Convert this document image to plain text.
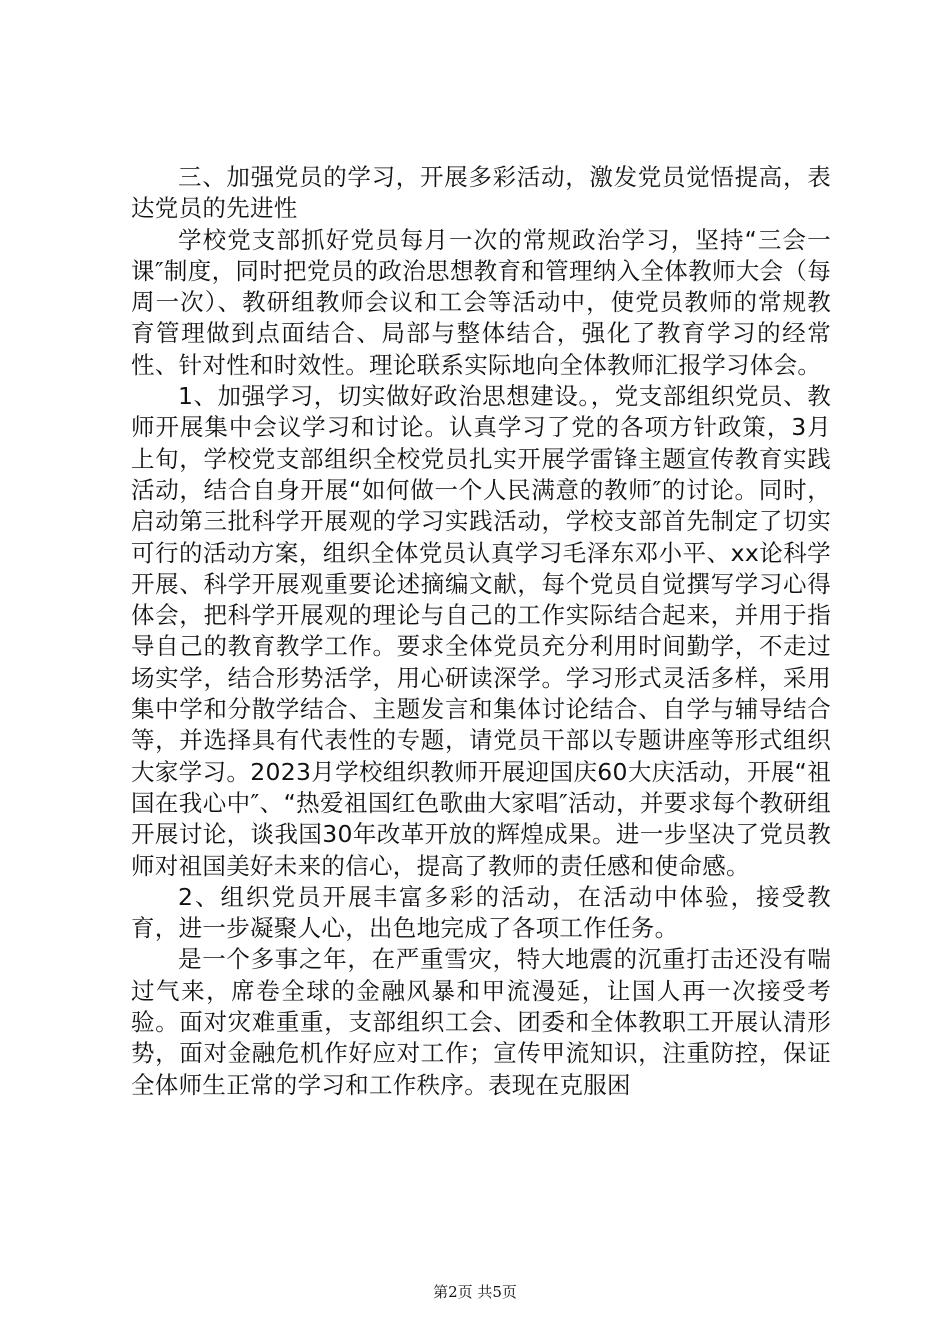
三、加强党员的学习，开展多彩活动，激发党员觉悟提高，表达党员的先进性

学校党支部抓好党员每月一次的常规政治学习，坚持“三会一课″制度，同时把党员的政治思想教育和管理纳入全体教师大会（每周一次）、教研组教师会议和工会等活动中，使党员教师的常规教育管理做到点面结合、局部与整体结合，强化了教育学习的经常性、针对性和时效性。理论联系实际地向全体教师汇报学习体会。

1、加强学习，切实做好政治思想建设。，党支部组织党员、教师开展集中会议学习和讨论。认真学习了党的各项方针政策，3月上旬，学校党支部组织全校党员扎实开展学雷锋主题宣传教育实践活动，结合自身开展“如何做一个人民满意的教师″的讨论。同时，启动第三批科学开展观的学习实践活动，学校支部首先制定了切实可行的活动方案，组织全体党员认真学习毛泽东邓小平、xx论科学开展、科学开展观重要论述摘编文献，每个党员自觉撰写学习心得体会，把科学开展观的理论与自己的工作实际结合起来，并用于指导自己的教育教学工作。要求全体党员充分利用时间勤学，不走过场实学，结合形势活学，用心研读深学。学习形式灵活多样，采用集中学和分散学结合、主题发言和集体讨论结合、自学与辅导结合等，并选择具有代表性的专题，请党员干部以专题讲座等形式组织大家学习。2023月学校组织教师开展迎国庆60大庆活动，开展“祖国在我心中″、“热爱祖国红色歌曲大家唱″活动，并要求每个教研组开展讨论，谈我国30年改革开放的辉煌成果。进一步坚决了党员教师对祖国美好未来的信心，提高了教师的责任感和使命感。

2、组织党员开展丰富多彩的活动，在活动中体验，接受教育，进一步凝聚人心，出色地完成了各项工作任务。

是一个多事之年，在严重雪灾，特大地震的沉重打击还没有喘过气来，席卷全球的金融风暴和甲流漫延，让国人再一次接受考验。面对灾难重重，支部组织工会、团委和全体教职工开展认清形势，面对金融危机作好应对工作；宣传甲流知识，注重防控，保证全体师生正常的学习和工作秩序。表现在克服困

第2页 共5页
